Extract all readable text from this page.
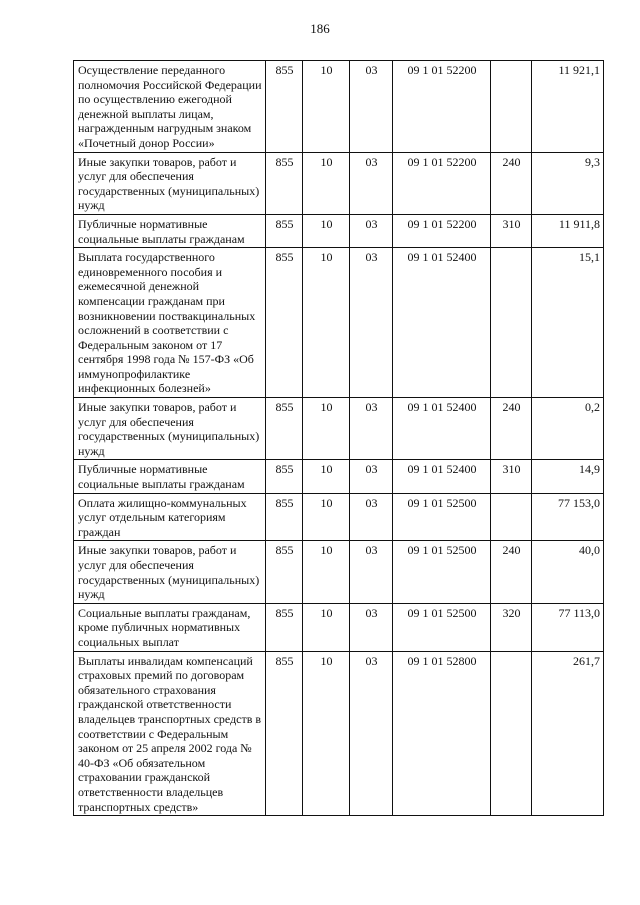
186
Осуществление переданного полномочия Российской Федерации по осуществлению ежегодной денежной выплаты лицам, награжденным нагрудным знаком «Почетный донор России»	855	10	03	09 1 01 52200		11 921,1
Иные закупки товаров, работ и услуг для обеспечения государственных (муниципальных) нужд	855	10	03	09 1 01 52200	240	9,3
Публичные нормативные социальные выплаты гражданам	855	10	03	09 1 01 52200	310	11 911,8
Выплата государственного единовременного пособия и ежемесячной денежной компенсации гражданам при возникновении поствакцинальных осложнений в соответствии с Федеральным законом от 17 сентября 1998 года № 157-ФЗ «Об иммунопрофилактике инфекционных болезней»	855	10	03	09 1 01 52400		15,1
Иные закупки товаров, работ и услуг для обеспечения государственных (муниципальных) нужд	855	10	03	09 1 01 52400	240	0,2
Публичные нормативные социальные выплаты гражданам	855	10	03	09 1 01 52400	310	14,9
Оплата жилищно-коммунальных услуг отдельным категориям граждан	855	10	03	09 1 01 52500		77 153,0
Иные закупки товаров, работ и услуг для обеспечения государственных (муниципальных) нужд	855	10	03	09 1 01 52500	240	40,0
Социальные выплаты гражданам, кроме публичных нормативных социальных выплат	855	10	03	09 1 01 52500	320	77 113,0
Выплаты инвалидам компенсаций страховых премий по договорам обязательного страхования гражданской ответственности владельцев транспортных средств в соответствии с Федеральным законом от 25 апреля 2002 года № 40-ФЗ «Об обязательном страховании гражданской ответственности владельцев транспортных средств»	855	10	03	09 1 01 52800		261,7
